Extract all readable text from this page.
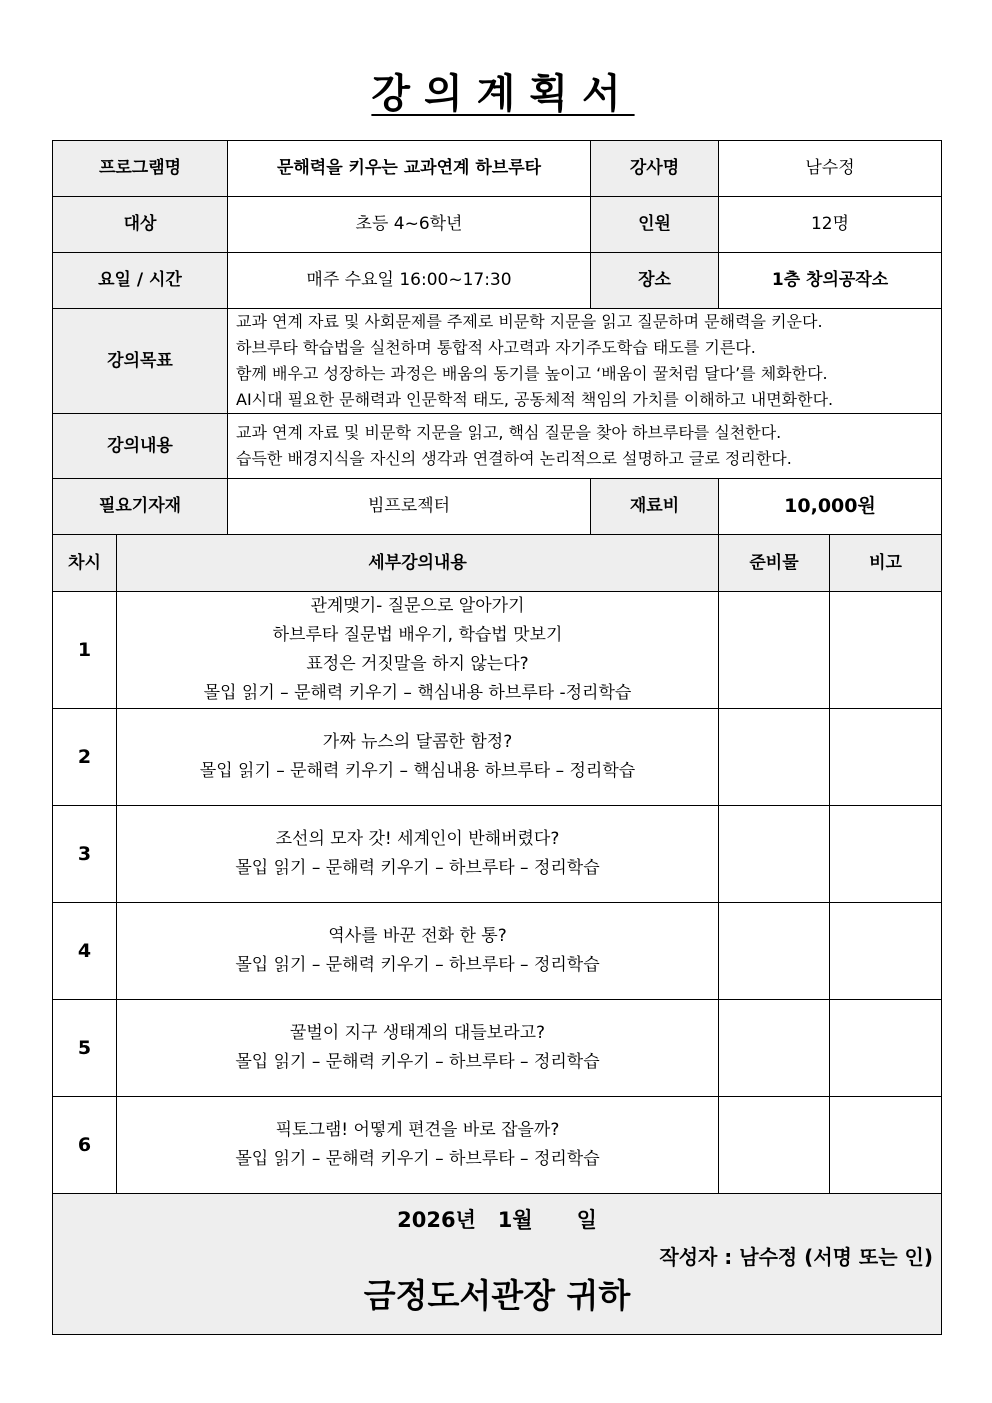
강의계획서
프로그램명		문해력을 키우는 교과연계 하브루타	강사명	남수정	
대상		초등 4~6학년	인원	12명	
요일 / 시간		매주 수요일 16:00~17:30	장소	1층 창의공작소	
강의목표		교과 연계 자료 및 사회문제를 주제로 비문학 지문을 읽고 질문하며 문해력을 키운다.
하브루타 학습법을 실천하며 통합적 사고력과 자기주도학습 태도를 기른다.
함께 배우고 성장하는 과정은 배움의 동기를 높이고 ‘배움이 꿀처럼 달다’를 체화한다.
AI시대 필요한 문해력과 인문학적 태도, 공동체적 책임의 가치를 이해하고 내면화한다.			

강의내용		교과 연계 자료 및 비문학 지문을 읽고, 핵심 질문을 찾아 하브루타를 실천한다.
습득한 배경지식을 자신의 생각과 연결하여 논리적으로 설명하고 글로 정리한다.			

필요기자재		빔프로젝터	재료비	10,000원	
차시	세부강의내용			준비물	비고
1	관계맺기- 질문으로 알아가기
하브루타 질문법 배우기, 학습법 맛보기
표정은 거짓말을 하지 않는다?
몰입 읽기 – 문해력 키우기 – 핵심내용 하브루타 -정리학습				

2	가짜 뉴스의 달콤한 함정?
몰입 읽기 – 문해력 키우기 – 핵심내용 하브루타 – 정리학습				

3	조선의 모자 갓! 세계인이 반해버렸다?
몰입 읽기 – 문해력 키우기 – 하브루타 – 정리학습				

4	역사를 바꾼 전화 한 통?
몰입 읽기 – 문해력 키우기 – 하브루타 – 정리학습				

5	꿀벌이 지구 생태계의 대들보라고?
몰입 읽기 – 문해력 키우기 – 하브루타 – 정리학습				

6	픽토그램! 어떻게 편견을 바로 잡을까?
몰입 읽기 – 문해력 키우기 – 하브루타 – 정리학습				

2026년   1월      일
작성자 : 남수정 (서명 또는 인)
금정도서관장 귀하					
